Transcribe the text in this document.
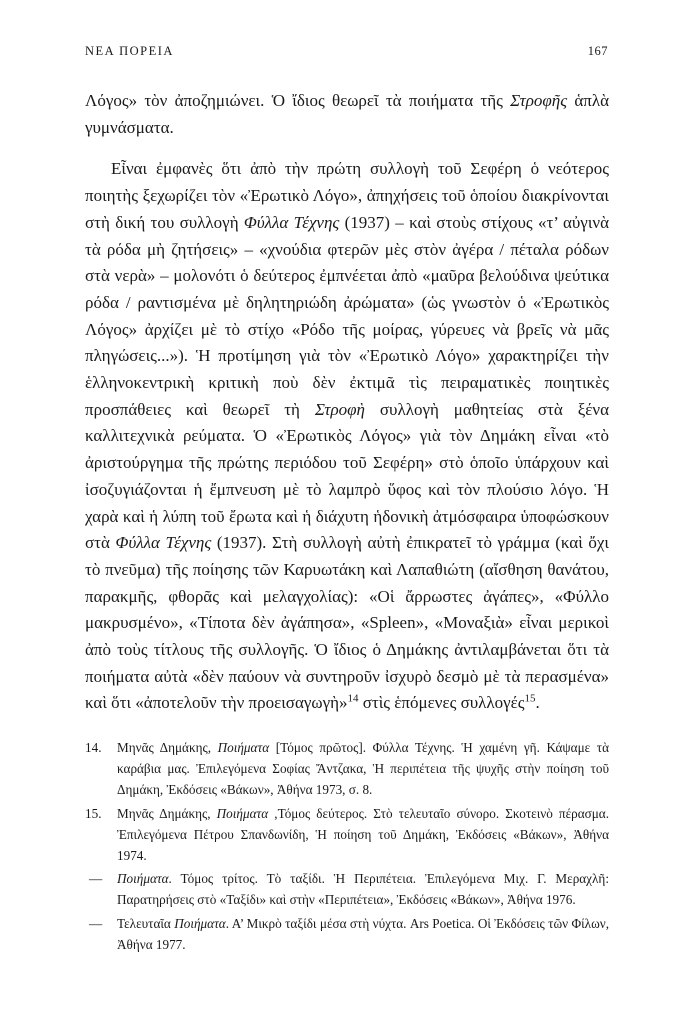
ΝΕΑ ΠΟΡΕΙΑ	167

Λόγος» τὸν ἀποζημιώνει. Ὁ ἴδιος θεωρεῖ τὰ ποιήματα τῆς Στροφῆς ἁπλὰ γυμνάσματα.

Εἶναι ἐμφανὲς ὅτι ἀπὸ τὴν πρώτη συλλογὴ τοῦ Σεφέρη ὁ νεότερος ποιητὴς ξεχωρίζει τὸν «Ἐρωτικὸ Λόγο», ἀπηχήσεις τοῦ ὁποίου διακρίνονται στὴ δική του συλλογὴ Φύλλα Τέχνης (1937) – καὶ στοὺς στίχους «τ’ αὐγινὰ τὰ ρόδα μὴ ζητήσεις» – «χνούδια φτερῶν μὲς στὸν ἀγέρα / πέταλα ρόδων στὰ νερὰ» – μολονότι ὁ δεύτερος ἐμπνέεται ἀπὸ «μαῦρα βελούδινα ψεύτικα ρόδα / ραντισμένα μὲ δηλητηριώδη ἀρώματα» (ὡς γνωστὸν ὁ «Ἐρωτικὸς Λόγος» ἀρχίζει μὲ τὸ στίχο «Ρόδο τῆς μοίρας, γύρευες νὰ βρεῖς νὰ μᾶς πληγώσεις...»). Ἡ προτίμηση γιὰ τὸν «Ἐρωτικὸ Λόγο» χαρακτηρίζει τὴν ἑλληνοκεντρικὴ κριτικὴ ποὺ δὲν ἐκτιμᾶ τὶς πειραματικὲς ποιητικὲς προσπάθειες καὶ θεωρεῖ τὴ Στροφὴ συλλογὴ μαθητείας στὰ ξένα καλλιτεχνικὰ ρεύματα. Ὁ «Ἐρωτικὸς Λόγος» γιὰ τὸν Δημάκη εἶναι «τὸ ἀριστούργημα τῆς πρώτης περιόδου τοῦ Σεφέρη» στὸ ὁποῖο ὑπάρχουν καὶ ἰσοζυγιάζονται ἡ ἔμπνευση μὲ τὸ λαμπρὸ ὕφος καὶ τὸν πλούσιο λόγο. Ἡ χαρὰ καὶ ἡ λύπη τοῦ ἔρωτα καὶ ἡ διάχυτη ἡδονικὴ ἀτμόσφαιρα ὑποφώσκουν στὰ Φύλλα Τέχνης (1937). Στὴ συλλογὴ αὐτὴ ἐπικρατεῖ τὸ γράμμα (καὶ ὄχι τὸ πνεῦμα) τῆς ποίησης τῶν Καρυωτάκη καὶ Λαπαθιώτη (αἴσθηση θανάτου, παρακμῆς, φθορᾶς καὶ μελαγχολίας): «Οἱ ἄρρωστες ἀγάπες», «Φύλλο μακρυσμένο», «Τίποτα δὲν ἀγάπησα», «Spleen», «Μοναξιὰ» εἶναι μερικοὶ ἀπὸ τοὺς τίτλους τῆς συλλογῆς. Ὁ ἴδιος ὁ Δημάκης ἀντιλαμβάνεται ὅτι τὰ ποιήματα αὐτὰ «δὲν παύουν νὰ συντηροῦν ἰσχυρὸ δεσμὸ μὲ τὰ περασμένα» καὶ ὅτι «ἀποτελοῦν τὴν προεισαγωγὴ»$^{14}$ στὶς ἑπόμενες συλλογές$^{15}$.

14. Μηνᾶς Δημάκης, Ποιήματα [Τόμος πρῶτος]. Φύλλα Τέχνης. Ἡ χαμένη γῆ. Κάψαμε τὰ καράβια μας. Ἐπιλεγόμενα Σοφίας Ἄντζακα, Ἡ περιπέτεια τῆς ψυχῆς στὴν ποίηση τοῦ Δημάκη, Ἐκδόσεις «Βάκων», Ἀθήνα 1973, σ. 8.

15. Μηνᾶς Δημάκης, Ποιήματα ,Τόμος δεύτερος. Στὸ τελευταῖο σύνορο. Σκοτεινὸ πέρασμα. Ἐπιλεγόμενα Πέτρου Σπανδωνίδη, Ἡ ποίηση τοῦ Δημάκη, Ἐκδόσεις «Βάκων», Ἀθήνα 1974.

— Ποιήματα. Τόμος τρίτος. Τὸ ταξίδι. Ἡ Περιπέτεια. Ἐπιλεγόμενα Μιχ. Γ. Μεραχλῆ: Παρατηρήσεις στὸ «Ταξίδι» καὶ στὴν «Περιπέτεια», Ἐκδόσεις «Βάκων», Ἀθήνα 1976.

— Τελευταῖα Ποιήματα. Α’ Μικρὸ ταξίδι μέσα στὴ νύχτα. Ars Poetica. Οἱ Ἐκδόσεις τῶν Φίλων, Ἀθήνα 1977.
